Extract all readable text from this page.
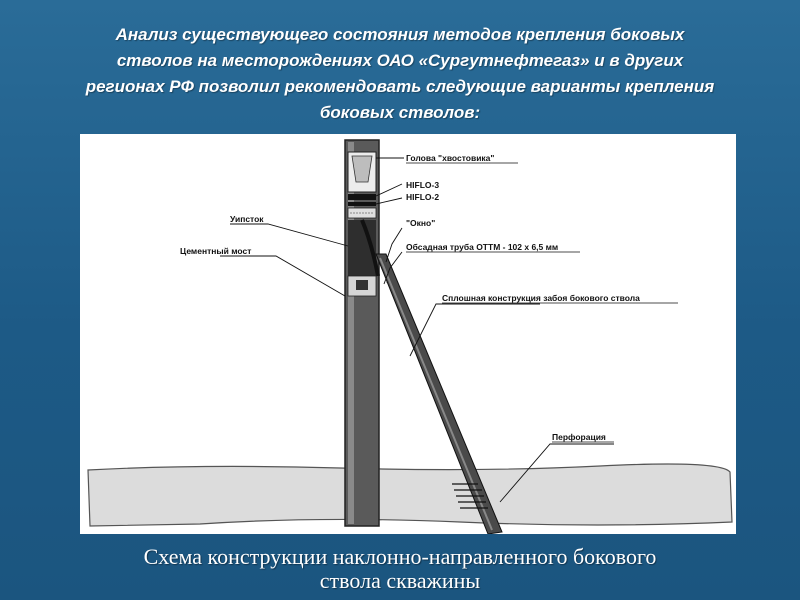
Анализ существующего состояния методов крепления боковых
стволов на месторождениях ОАО «Сургутнефтегаз» и в других
регионах РФ позволил рекомендовать следующие варианты крепления
боковых стволов:
Голова "хвостовика"
HIFLO-3
HIFLO-2
Уипсток	"Окно"
Цементный мост	Обсадная труба ОТТМ - 102 х 6,5 мм
Сплошная конструкция забоя бокового ствола
Перфорация
Схема конструкции наклонно-направленного бокового
ствола скважины
